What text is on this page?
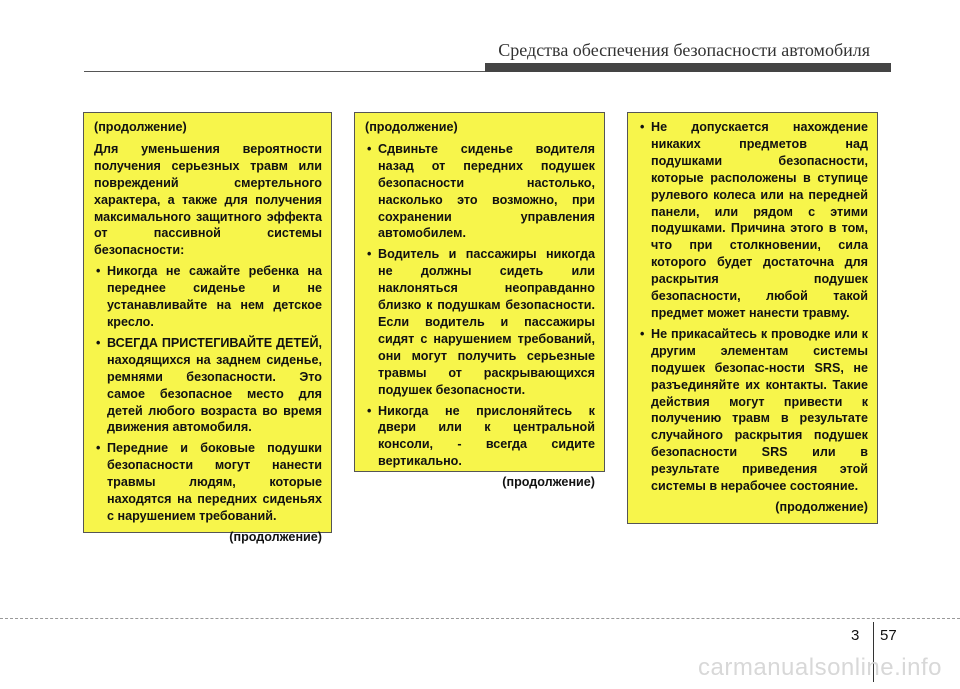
Средства обеспечения безопасности автомобиля

(продолжение)

Для уменьшения вероятности получения серьезных травм или повреждений смертельного характера, а также для получения максимального защитного эффекта от пассивной системы безопасности:

• Никогда не сажайте ребенка на переднее сиденье и не устанавливайте на нем детское кресло.
• ВСЕГДА ПРИСТЕГИВАЙТЕ ДЕТЕЙ, находящихся на заднем сиденье, ремнями безопасности. Это самое безопасное место для детей любого возраста во время движения автомобиля.
• Передние и боковые подушки безопасности могут нанести травмы людям, которые находятся на передних сиденьях с нарушением требований.

(продолжение)

(продолжение)

• Сдвиньте сиденье водителя назад от передних подушек безопасности настолько, насколько это возможно, при сохранении управления автомобилем.
• Водитель и пассажиры никогда не должны сидеть или наклоняться неоправданно близко к подушкам безопасности. Если водитель и пассажиры сидят с нарушением требований, они могут получить серьезные травмы от раскрывающихся подушек безопасности.
• Никогда не прислоняйтесь к двери или к центральной консоли, - всегда сидите вертикально.

(продолжение)

• Не допускается нахождение никаких предметов над подушками безопасности, которые расположены в ступице рулевого колеса или на передней панели, или рядом с этими подушками. Причина этого в том, что при столкновении, сила которого будет достаточна для раскрытия подушек безопасности, любой такой предмет может нанести травму.
• Не прикасайтесь к проводке или к другим элементам системы подушек безопас-ности SRS, не разъединяйте их контакты. Такие действия могут привести к получению травм в результате случайного раскрытия подушек безопасности SRS или в результате приведения этой системы в нерабочее состояние.

(продолжение)

3 57
carmanualsonline.info
